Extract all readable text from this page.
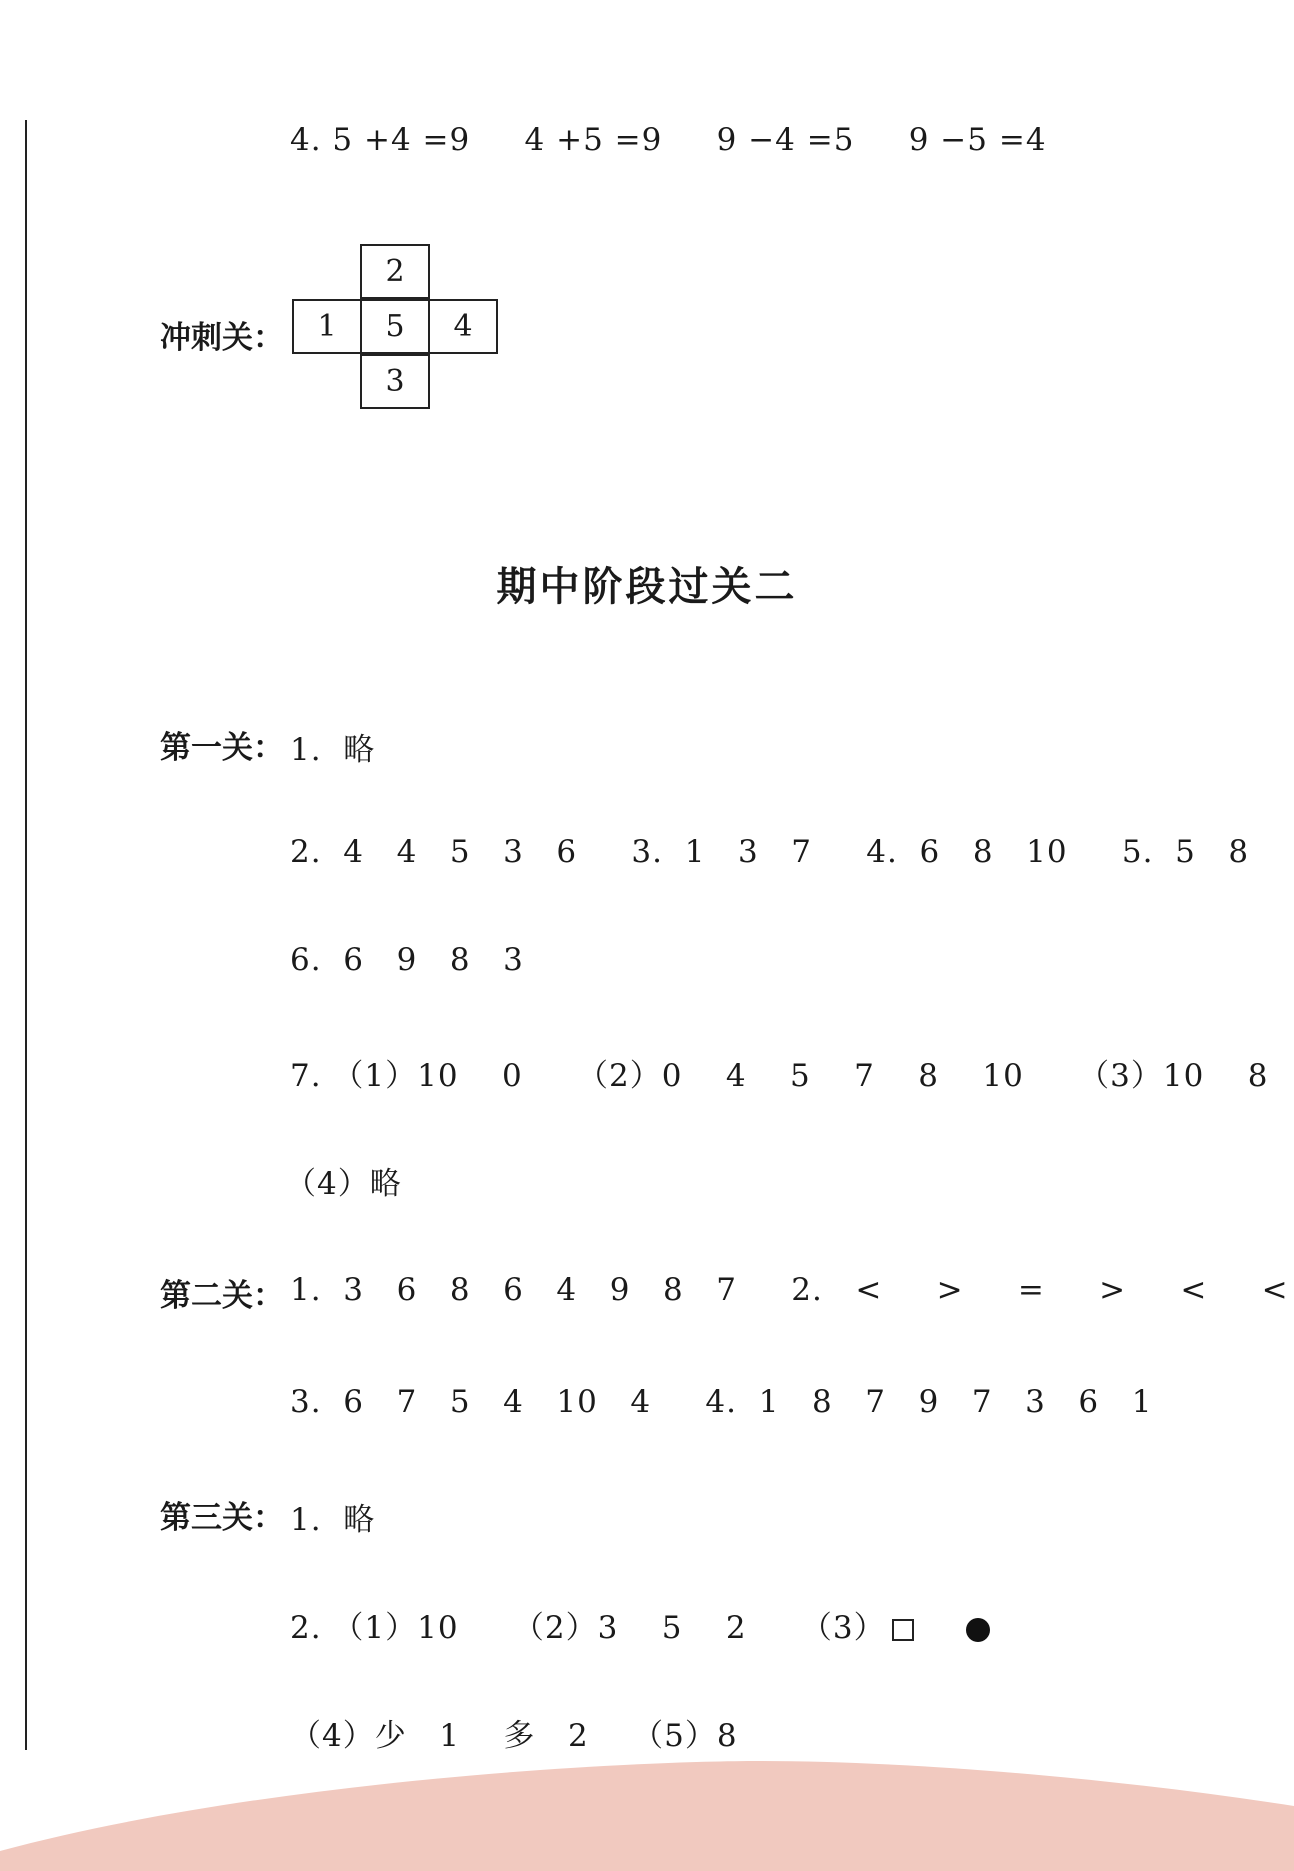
4. 5 +4 =9     4 +5 =9     9 −4 =5     9 −5 =4
冲刺关：
2
1	5	4
3
期中阶段过关二
第一关： 1.  略
2.  4   4   5   3   6     3.  1   3   7     4.  6   8   10     5.  5   8
6.  6   9   8   3
7. （1）10    0     （2）0    4    5    7    8    10     （3）10    8
（4）略
第二关： 1.  3   6   8   6   4   9   8   7     2.   <     >     =     >     <     <
3.  6   7   5   4   10   4     4.  1   8   7   9   7   3   6   1
第三关： 1.  略
2. （1）10     （2）3    5    2     （3）
（4）少   1    多   2    （5）8
